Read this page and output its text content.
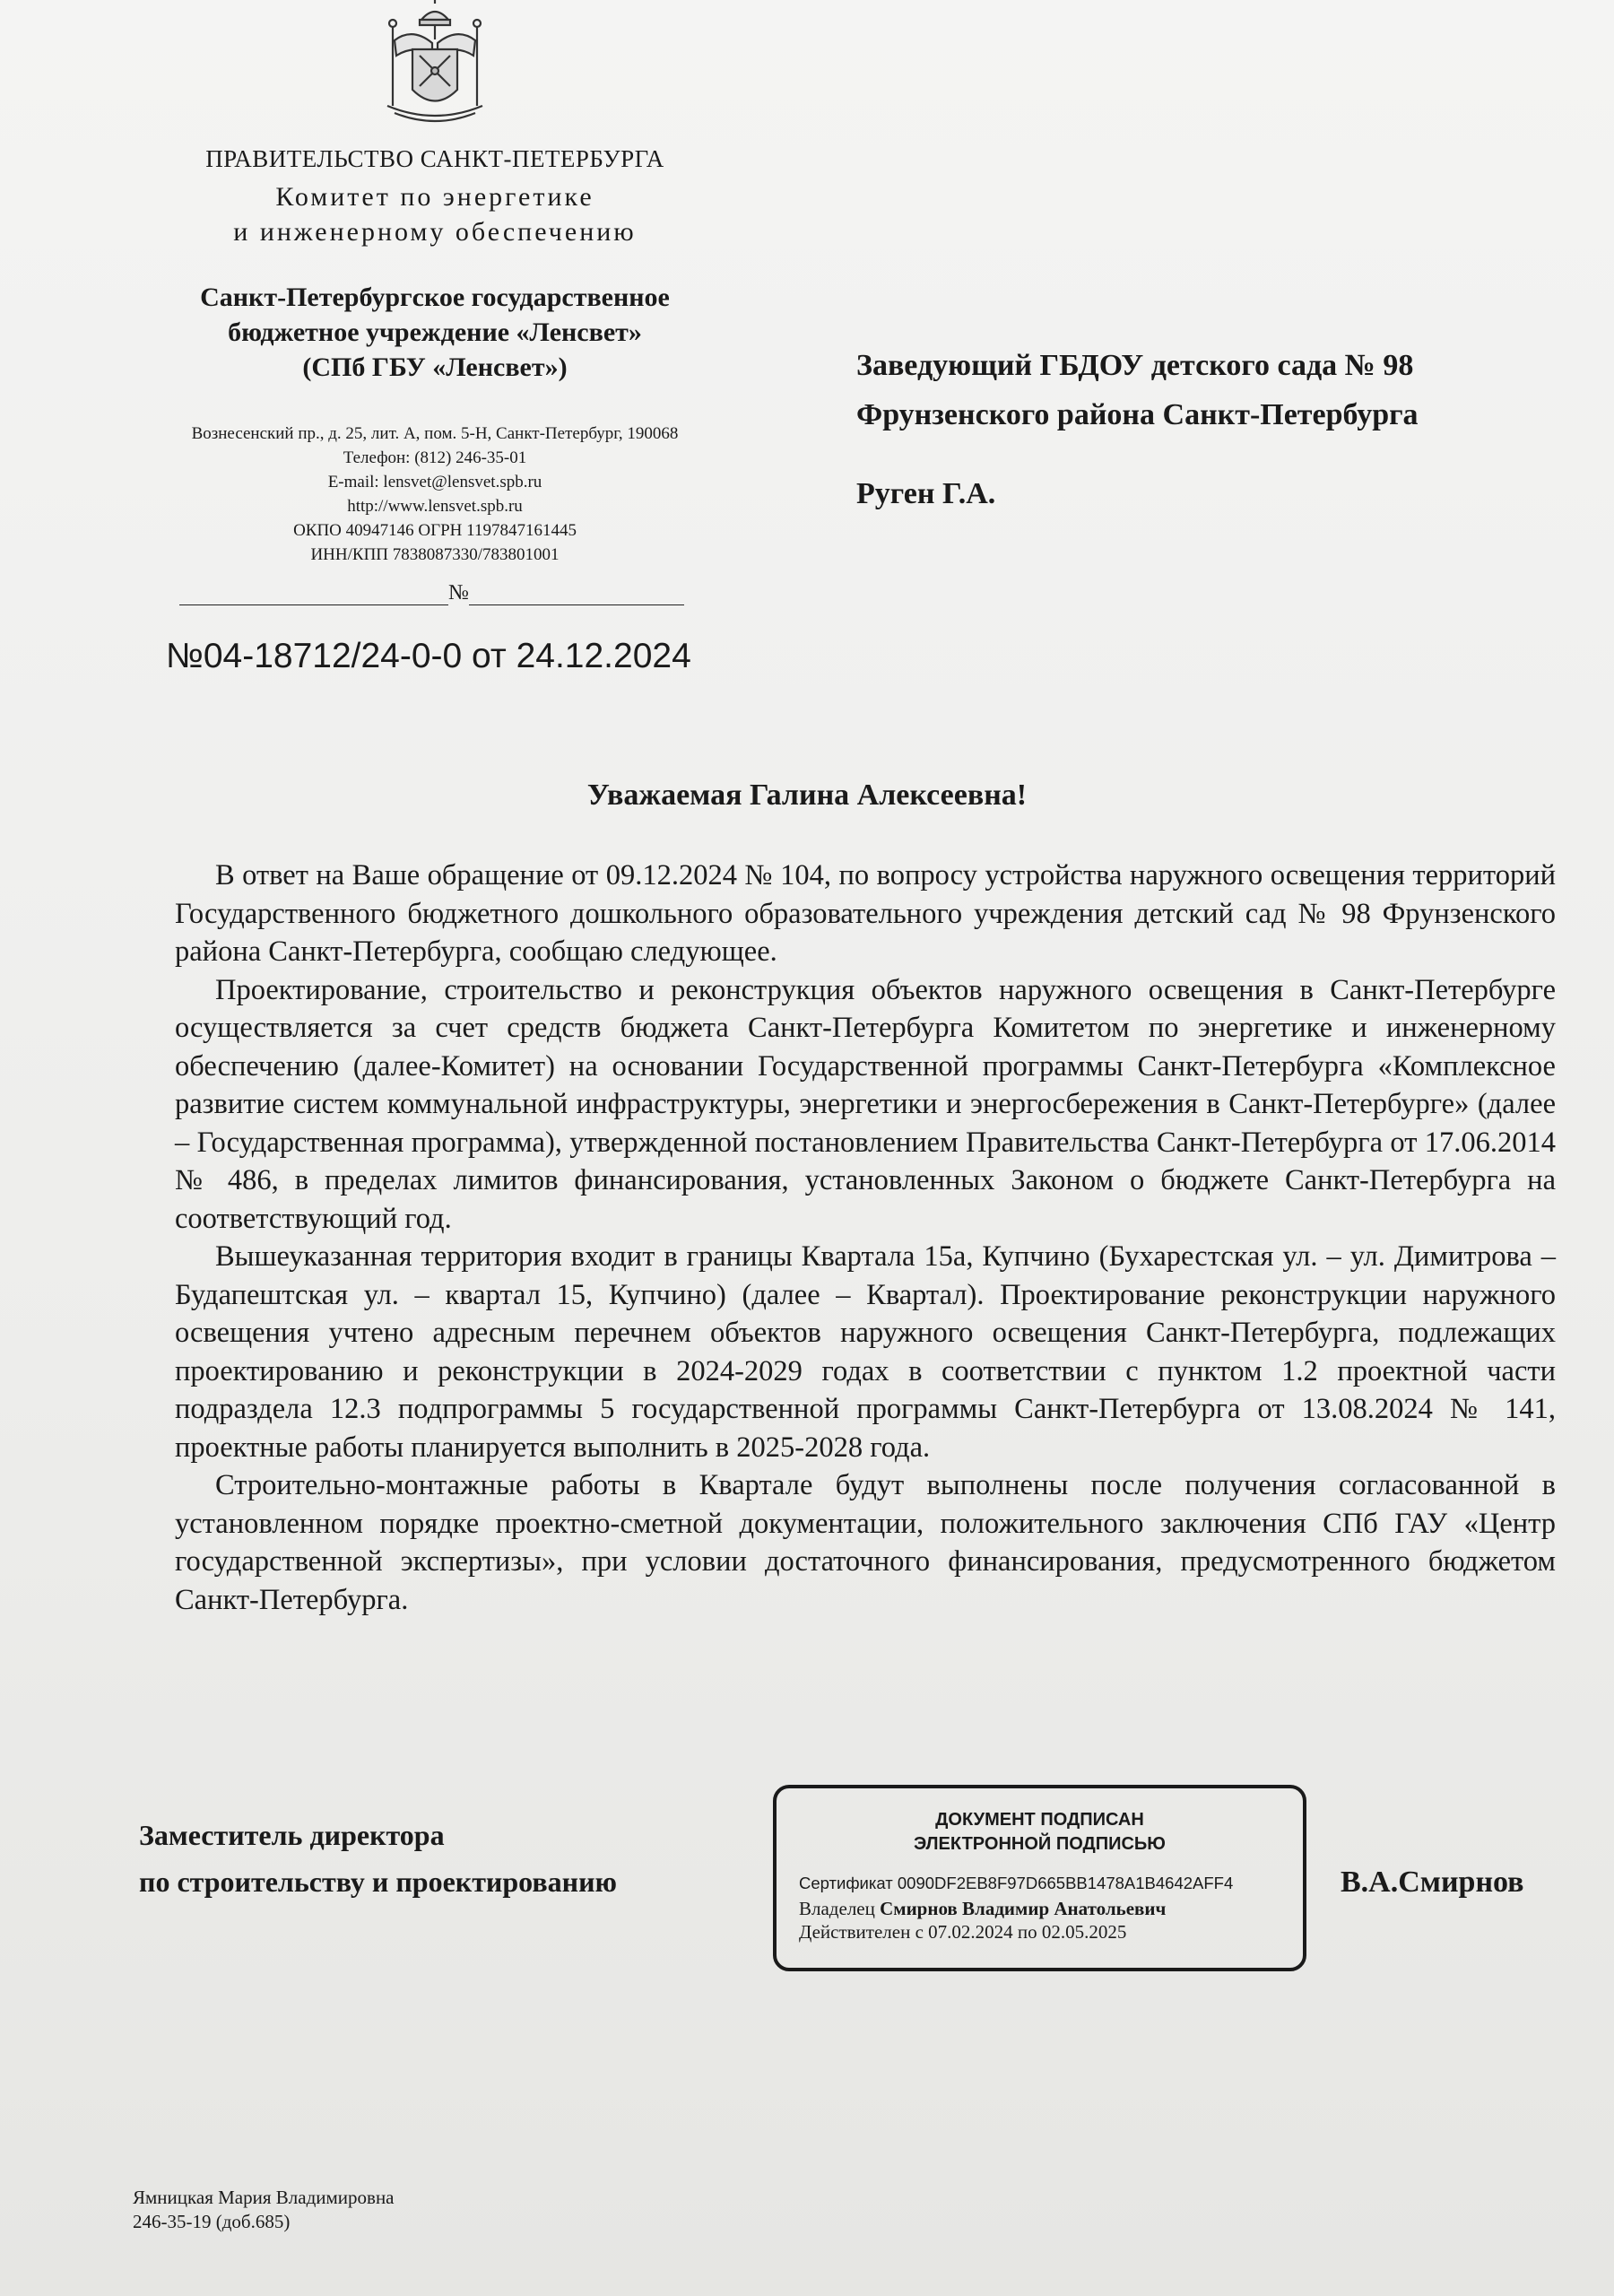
ПРАВИТЕЛЬСТВО САНКТ-ПЕТЕРБУРГА
Комитет по энергетике
и инженерному обеспечению
Санкт-Петербургское государственное
бюджетное учреждение «Ленсвет»
(СПб ГБУ «Ленсвет»)
Вознесенский пр., д. 25, лит. А, пом. 5-Н, Санкт-Петербург, 190068
Телефон: (812) 246-35-01
E-mail: lensvet@lensvet.spb.ru
http://www.lensvet.spb.ru
ОКПО 40947146 ОГРН 1197847161445
ИНН/КПП 7838087330/783801001
№
№04-18712/24-0-0 от 24.12.2024
Заведующий ГБДОУ детского сада № 98
Фрунзенского района Санкт-Петербурга
Руген Г.А.
Уважаемая Галина Алексеевна!

В ответ на Ваше обращение от 09.12.2024 № 104, по вопросу устройства наружного освещения территорий Государственного бюджетного дошкольного образовательного учреждения детский сад № 98 Фрунзенского района Санкт-Петербурга, сообщаю следующее.

Проектирование, строительство и реконструкция объектов наружного освещения в Санкт-Петербурге осуществляется за счет средств бюджета Санкт-Петербурга Комитетом по энергетике и инженерному обеспечению (далее-Комитет) на основании Государственной программы Санкт-Петербурга «Комплексное развитие систем коммунальной инфраструктуры, энергетики и энергосбережения в Санкт-Петербурге» (далее – Государственная программа), утвержденной постановлением Правительства Санкт-Петербурга от 17.06.2014 № 486, в пределах лимитов финансирования, установленных Законом о бюджете Санкт-Петербурга на соответствующий год.

Вышеуказанная территория входит в границы Квартала 15а, Купчино (Бухарестская ул. – ул. Димитрова – Будапештская ул. – квартал 15, Купчино) (далее – Квартал). Проектирование реконструкции наружного освещения учтено адресным перечнем объектов наружного освещения Санкт-Петербурга, подлежащих проектированию и реконструкции в 2024-2029 годах в соответствии с пунктом 1.2 проектной части подраздела 12.3 подпрограммы 5 государственной программы Санкт-Петербурга от 13.08.2024 № 141, проектные работы планируется выполнить в 2025-2028 года.

Строительно-монтажные работы в Квартале будут выполнены после получения согласованной в установленном порядке проектно-сметной документации, положительного заключения СПб ГАУ «Центр государственной экспертизы», при условии достаточного финансирования, предусмотренного бюджетом Санкт-Петербурга.

Заместитель директора
по строительству и проектированию
ДОКУМЕНТ ПОДПИСАН
ЭЛЕКТРОННОЙ ПОДПИСЬЮ
Сертификат 0090DF2EB8F97D665BB1478A1B4642AFF4
Владелец Смирнов Владимир Анатольевич
Действителен с 07.02.2024 по 02.05.2025
В.А.Смирнов
Ямницкая Мария Владимировна
246-35-19 (доб.685)
